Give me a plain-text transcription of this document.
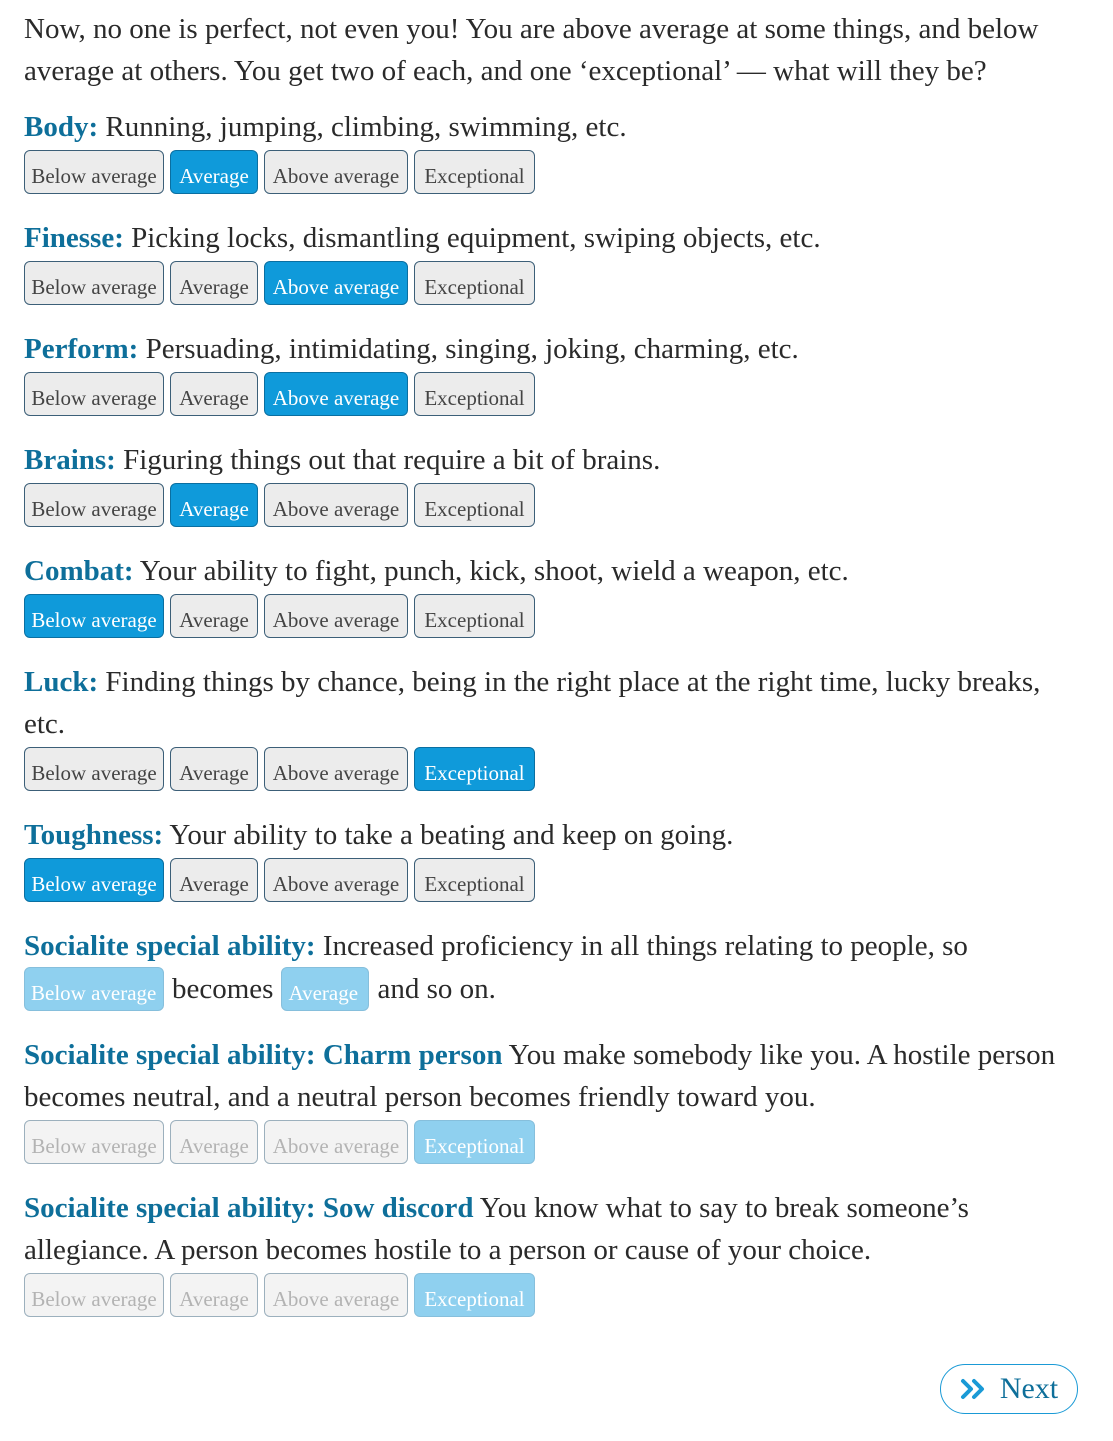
Now, no one is perfect, not even you! You are above average at some things, and below average at others. You get two of each, and one ‘exceptional’ — what will they be?

Body: Running, jumping, climbing, swimming, etc.
Below average	Average	Above average	Exceptional
Finesse: Picking locks, dismantling equipment, swiping objects, etc.
Below average	Average	Above average	Exceptional
Perform: Persuading, intimidating, singing, joking, charming, etc.
Below average	Average	Above average	Exceptional
Brains: Figuring things out that require a bit of brains.
Below average	Average	Above average	Exceptional
Combat: Your ability to fight, punch, kick, shoot, wield a weapon, etc.
Below average	Average	Above average	Exceptional
Luck: Finding things by chance, being in the right place at the right time, lucky breaks, etc.
Below average	Average	Above average	Exceptional
Toughness: Your ability to take a beating and keep on going.
Below average	Average	Above average	Exceptional
Socialite special ability: Increased proficiency in all things relating to people, so
Below average becomes Average and so on.
Socialite special ability: Charm person You make somebody like you. A hostile person becomes neutral, and a neutral person becomes friendly toward you.
Below average	Average	Above average	Exceptional
Socialite special ability: Sow discord You know what to say to break someone’s allegiance. A person becomes hostile to a person or cause of your choice.
Below average	Average	Above average	Exceptional
Next
